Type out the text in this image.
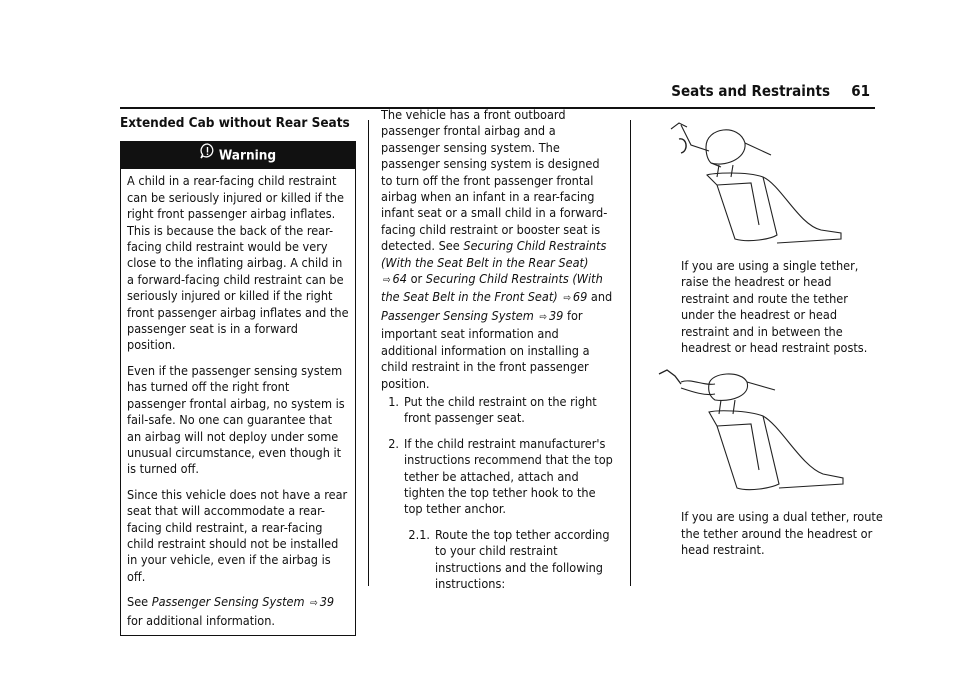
Seats and Restraints 61
Extended Cab without Rear Seats
Warning

A child in a rear-facing child restraint can be seriously injured or killed if the right front passenger airbag inflates. This is because the back of the rear-facing child restraint would be very close to the inflating airbag. A child in a forward-facing child restraint can be seriously injured or killed if the right front passenger airbag inflates and the passenger seat is in a forward position.

Even if the passenger sensing system has turned off the right front passenger frontal airbag, no system is fail-safe. No one can guarantee that an airbag will not deploy under some unusual circumstance, even though it is turned off.

Since this vehicle does not have a rear seat that will accommodate a rear-facing child restraint, a rear-facing child restraint should not be installed in your vehicle, even if the airbag is off.

See Passenger Sensing System ⇨ 39 for additional information.

The vehicle has a front outboard passenger frontal airbag and a passenger sensing system. The passenger sensing system is designed to turn off the front passenger frontal airbag when an infant in a rear-facing infant seat or a small child in a forward-facing child restraint or booster seat is detected. See Securing Child Restraints (With the Seat Belt in the Rear Seat) ⇨ 64 or Securing Child Restraints (With the Seat Belt in the Front Seat) ⇨ 69 and Passenger Sensing System ⇨ 39 for important seat information and additional information on installing a child restraint in the front passenger position.

1. Put the child restraint on the right front passenger seat.
2. If the child restraint manufacturer's instructions recommend that the top tether be attached, attach and tighten the top tether hook to the top tether anchor.
2.1. Route the top tether according to your child restraint instructions and the following instructions:

If you are using a single tether, raise the headrest or head restraint and route the tether under the headrest or head restraint and in between the headrest or head restraint posts.

If you are using a dual tether, route the tether around the headrest or head restraint.
